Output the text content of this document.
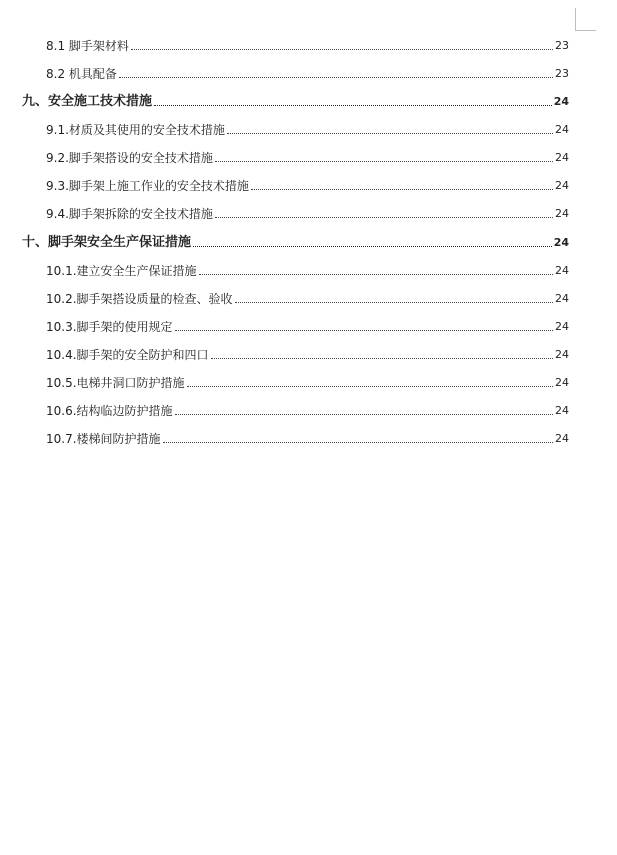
8.1 脚手架材料	23
8.2 机具配备	23
九、安全施工技术措施	24
9.1.材质及其使用的安全技术措施	24
9.2.脚手架搭设的安全技术措施	24
9.3.脚手架上施工作业的安全技术措施	24
9.4.脚手架拆除的安全技术措施	24
十、脚手架安全生产保证措施	24
10.1.建立安全生产保证措施	24
10.2.脚手架搭设质量的检查、验收	24
10.3.脚手架的使用规定	24
10.4.脚手架的安全防护和四口	24
10.5.电梯井洞口防护措施	24
10.6.结构临边防护措施	24
10.7.楼梯间防护措施	24
